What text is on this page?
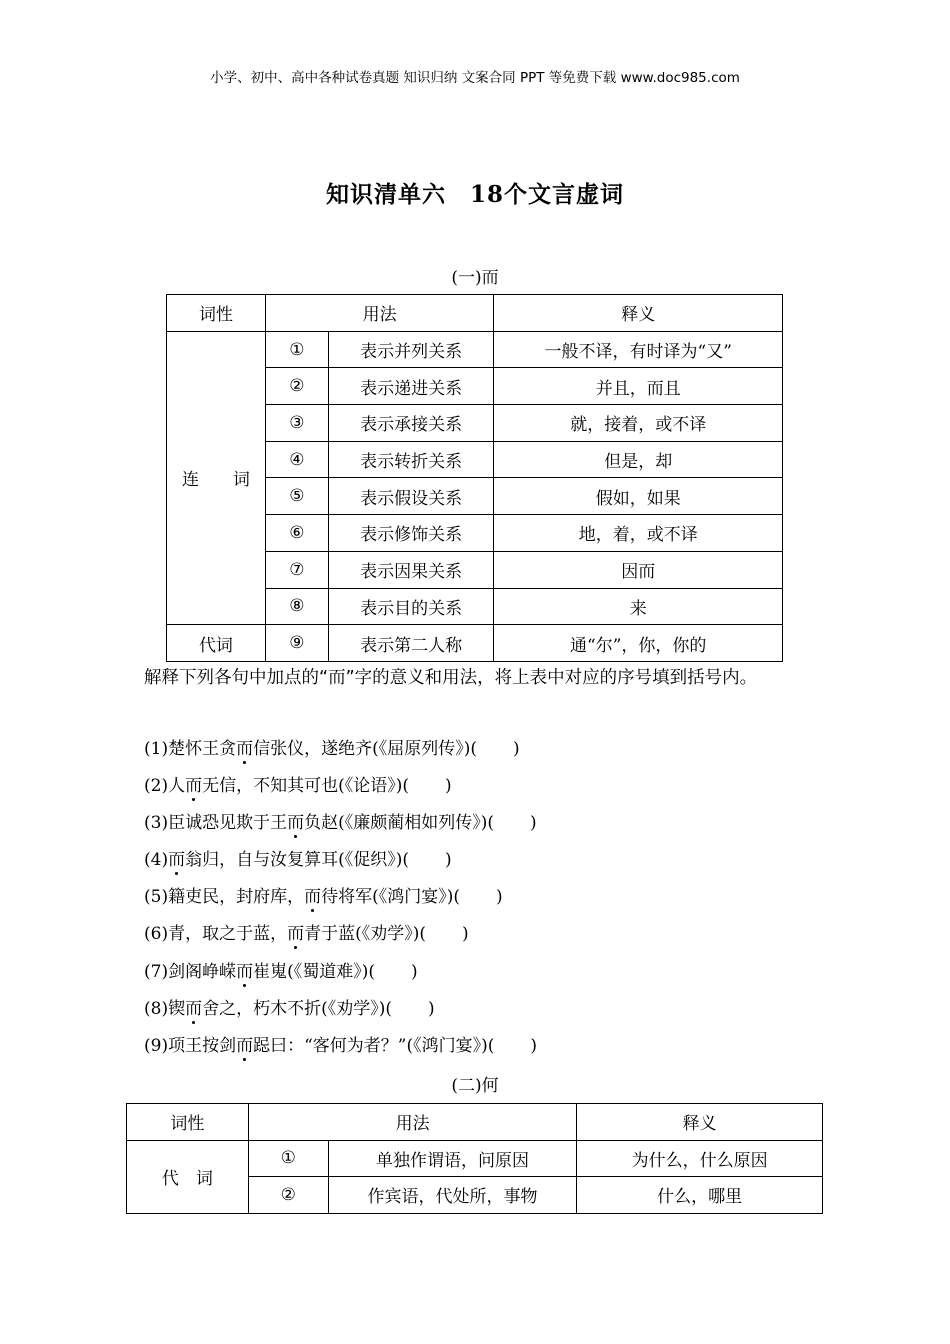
小学、初中、高中各种试卷真题 知识归纳 文案合同 PPT 等免费下载 www.doc985.com
知识清单六　18个文言虚词
(一)而
词性	用法		释义
连　　词	①	表示并列关系	一般不译，有时译为“又”
	②	表示递进关系	并且，而且
	③	表示承接关系	就，接着，或不译
	④	表示转折关系	但是，却
	⑤	表示假设关系	假如，如果
	⑥	表示修饰关系	地，着，或不译
	⑦	表示因果关系	因而
	⑧	表示目的关系	来
代词	⑨	表示第二人称	通“尔”，你，你的
解释下列各句中加点的“而”字的意义和用法，将上表中对应的序号填到括号内。
(1)楚怀王贪而信张仪，遂绝齐(《屈原列传》)( )
(2)人而无信，不知其可也(《论语》)( )
(3)臣诚恐见欺于王而负赵(《廉颇蔺相如列传》)( )
(4)而翁归，自与汝复算耳(《促织》)( )
(5)籍吏民，封府库，而待将军(《鸿门宴》)( )
(6)青，取之于蓝，而青于蓝(《劝学》)( )
(7)剑阁峥嵘而崔嵬(《蜀道难》)( )
(8)锲而舍之，朽木不折(《劝学》)( )
(9)项王按剑而跽曰：“客何为者？”(《鸿门宴》)( )
(二)何
词性	用法		释义
代　词	①	单独作谓语，问原因	为什么，什么原因
	②	作宾语，代处所，事物	什么，哪里
